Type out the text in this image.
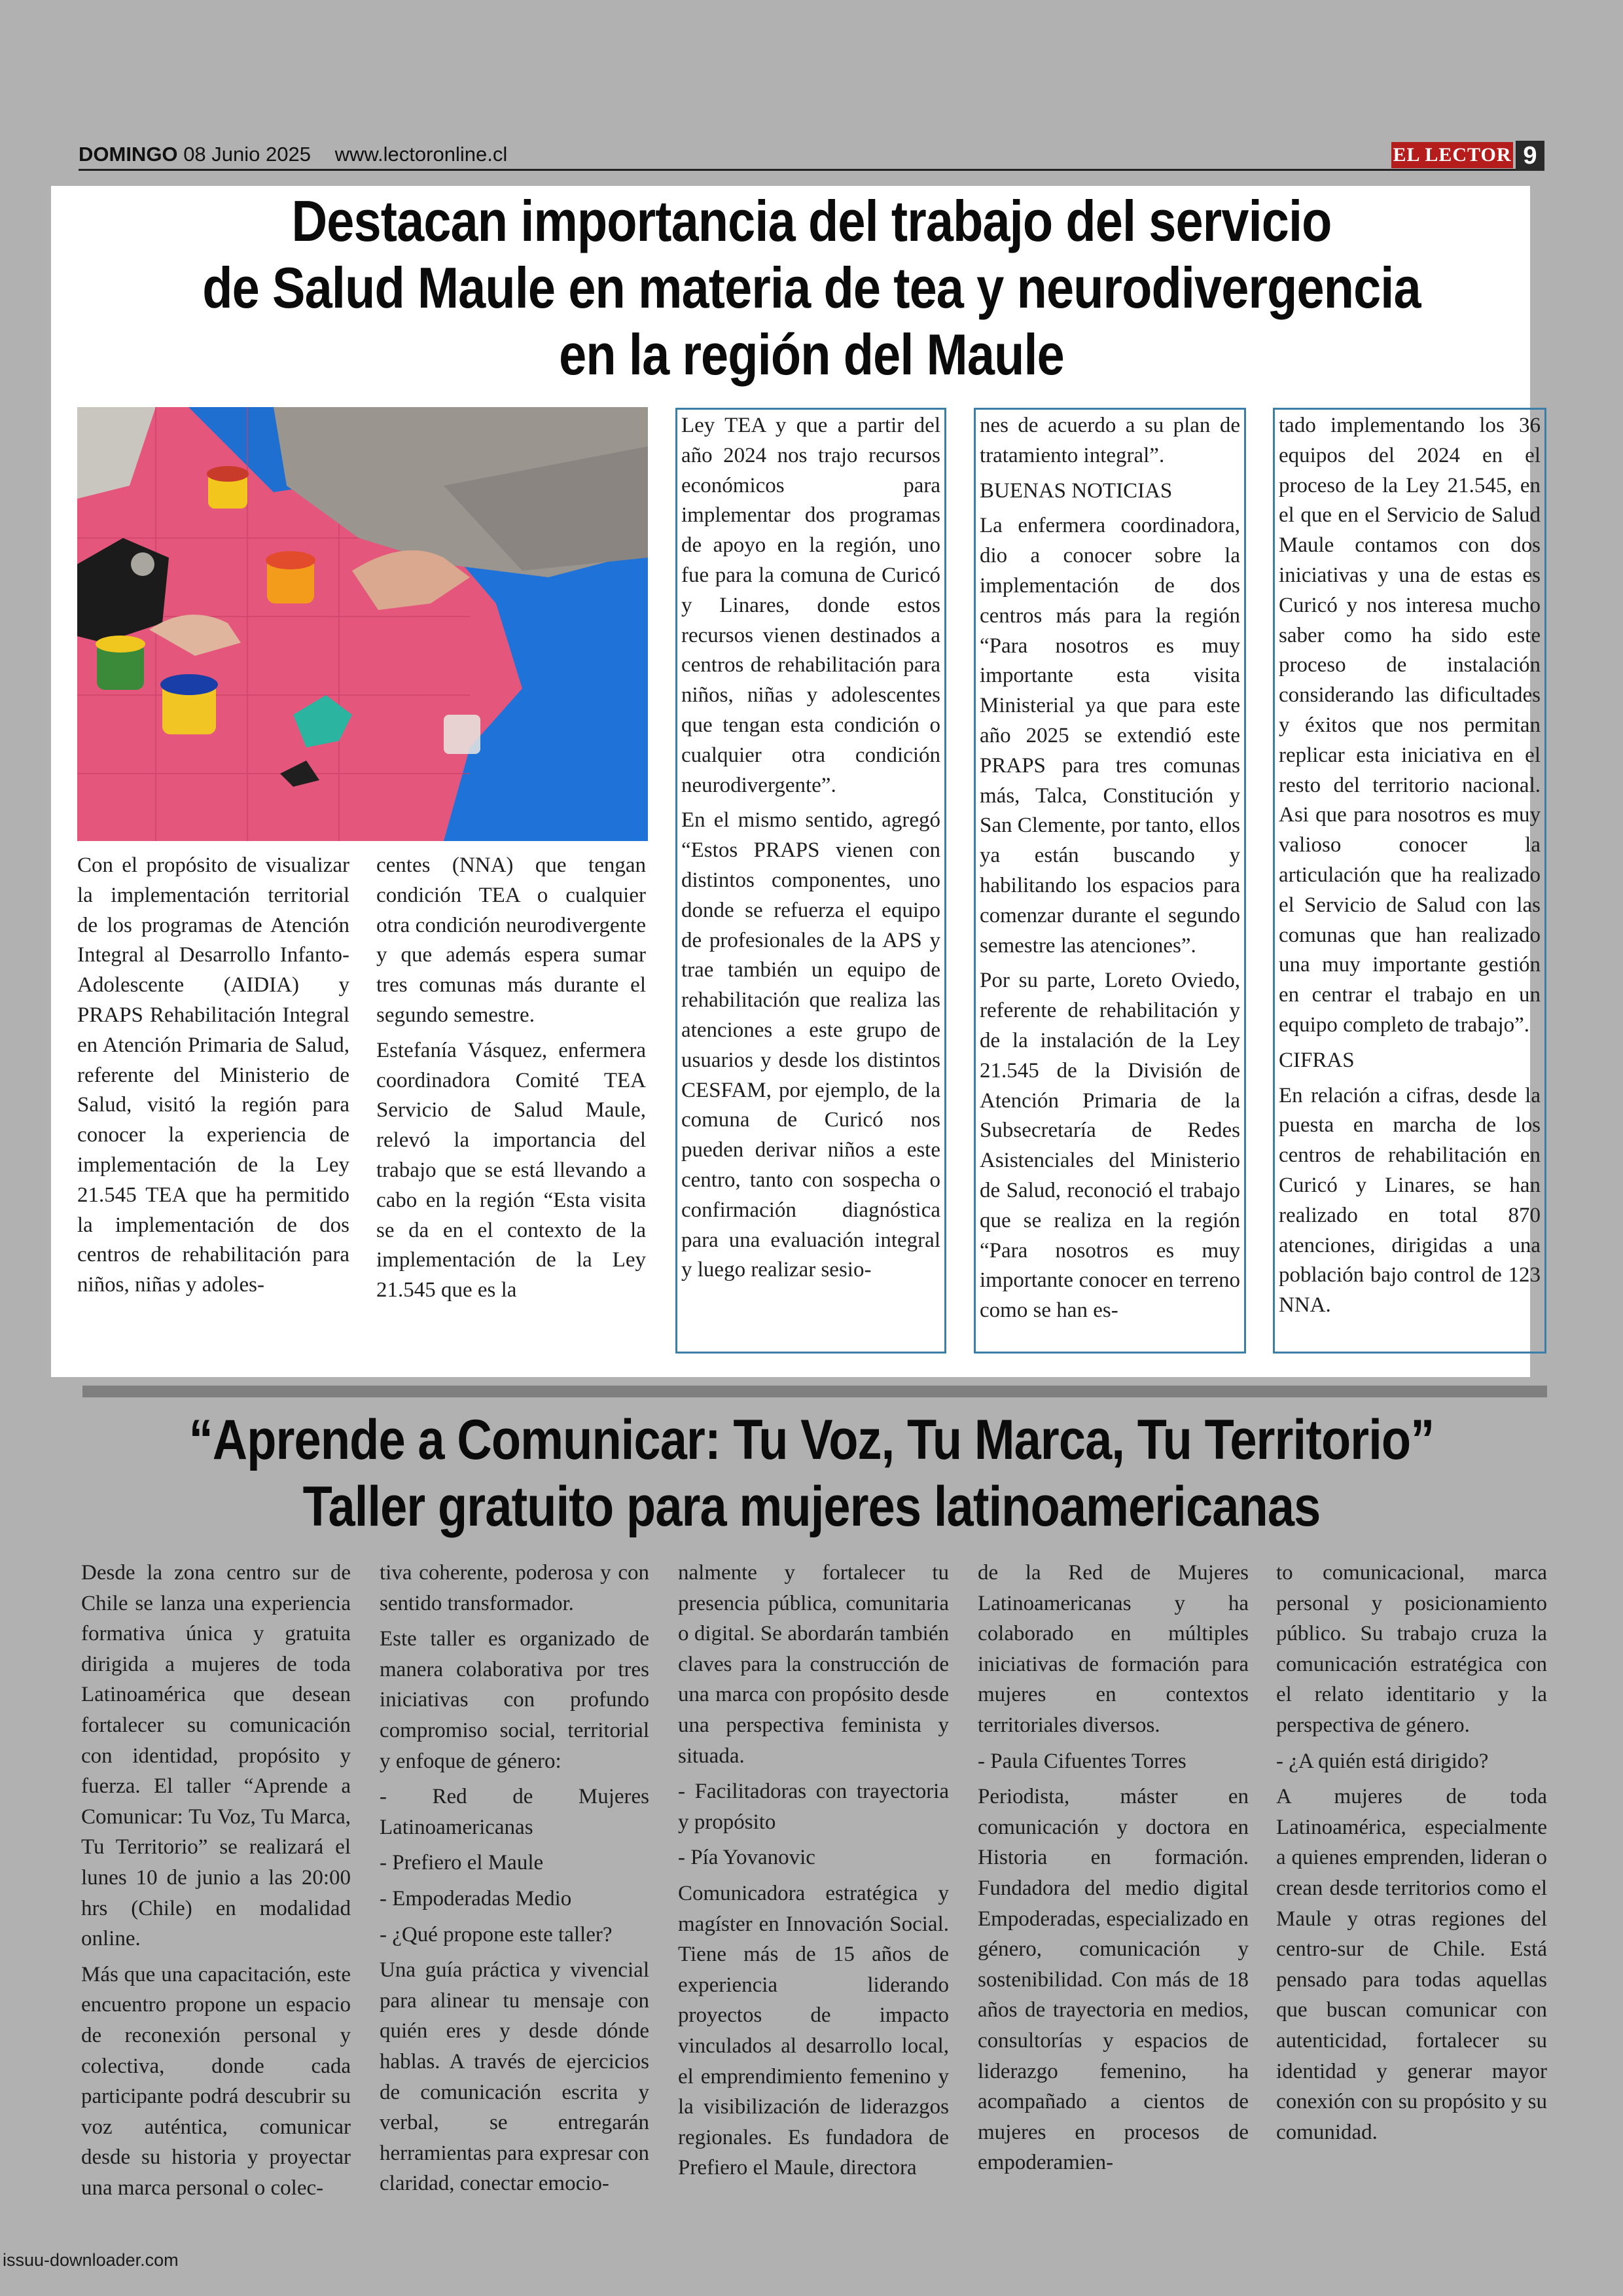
DOMINGO 08 Junio 2025 www.lectoronline.cl	EL LECTOR 9
Destacan importancia del trabajo del servicio
de Salud Maule en materia de tea y neurodivergencia
en la región del Maule

Con el propósito de visualizar la implementación territorial de los programas de Atención Integral al Desarrollo Infanto-Adolescente (AIDIA) y PRAPS Rehabilitación Integral en Atención Primaria de Salud, referente del Ministerio de Salud, visitó la región para conocer la experiencia de implementación de la Ley 21.545 TEA que ha permitido la implementación de dos centros de rehabilitación para niños, niñas y adoles-

centes (NNA) que tengan condición TEA o cualquier otra condición neurodivergente y que además espera sumar tres comunas más durante el segundo semestre.

Estefanía Vásquez, enfermera coordinadora Comité TEA Servicio de Salud Maule, relevó la importancia del trabajo que se está llevando a cabo en la región “Esta visita se da en el contexto de la implementación de la Ley 21.545 que es la

Ley TEA y que a partir del año 2024 nos trajo recursos económicos para implementar dos programas de apoyo en la región, uno fue para la comuna de Curicó y Linares, donde estos recursos vienen destinados a centros de rehabilitación para niños, niñas y adolescentes que tengan esta condición o cualquier otra condición neurodivergente”.

En el mismo sentido, agregó “Estos PRAPS vienen con distintos componentes, uno donde se refuerza el equipo de profesionales de la APS y trae también un equipo de rehabilitación que realiza las atenciones a este grupo de usuarios y desde los distintos CESFAM, por ejemplo, de la comuna de Curicó nos pueden derivar niños a este centro, tanto con sospecha o confirmación diagnóstica para una evaluación integral y luego realizar sesio-

nes de acuerdo a su plan de tratamiento integral”.

BUENAS NOTICIAS

La enfermera coordinadora, dio a conocer sobre la implementación de dos centros más para la región “Para nosotros es muy importante esta visita Ministerial ya que para este año 2025 se extendió este PRAPS para tres comunas más, Talca, Constitución y San Clemente, por tanto, ellos ya están buscando y habilitando los espacios para comenzar durante el segundo semestre las atenciones”.

Por su parte, Loreto Oviedo, referente de rehabilitación y de la instalación de la Ley 21.545 de la División de Atención Primaria de la Subsecretaría de Redes Asistenciales del Ministerio de Salud, reconoció el trabajo que se realiza en la región “Para nosotros es muy importante conocer en terreno como se han es-

tado implementando los 36 equipos del 2024 en el proceso de la Ley 21.545, en el que en el Servicio de Salud Maule contamos con dos iniciativas y una de estas es Curicó y nos interesa mucho saber como ha sido este proceso de instalación considerando las dificultades y éxitos que nos permitan replicar esta iniciativa en el resto del territorio nacional. Asi que para nosotros es muy valioso conocer la articulación que ha realizado el Servicio de Salud con las comunas que han realizado una muy importante gestión en centrar el trabajo en un equipo completo de trabajo”.

CIFRAS

En relación a cifras, desde la puesta en marcha de los centros de rehabilitación en Curicó y Linares, se han realizado en total 870 atenciones, dirigidas a una población bajo control de 123 NNA.

“Aprende a Comunicar: Tu Voz, Tu Marca, Tu Territorio”
Taller gratuito para mujeres latinoamericanas

Desde la zona centro sur de Chile se lanza una experiencia formativa única y gratuita dirigida a mujeres de toda Latinoamérica que desean fortalecer su comunicación con identidad, propósito y fuerza. El taller “Aprende a Comunicar: Tu Voz, Tu Marca, Tu Territorio” se realizará el lunes 10 de junio a las 20:00 hrs (Chile) en modalidad online.

Más que una capacitación, este encuentro propone un espacio de reconexión personal y colectiva, donde cada participante podrá descubrir su voz auténtica, comunicar desde su historia y proyectar una marca personal o colec-

tiva coherente, poderosa y con sentido transformador.

Este taller es organizado de manera colaborativa por tres iniciativas con profundo compromiso social, territorial y enfoque de género:

- Red de Mujeres Latinoamericanas

- Prefiero el Maule

- Empoderadas Medio

- ¿Qué propone este taller?

Una guía práctica y vivencial para alinear tu mensaje con quién eres y desde dónde hablas. A través de ejercicios de comunicación escrita y verbal, se entregarán herramientas para expresar con claridad, conectar emocio-

nalmente y fortalecer tu presencia pública, comunitaria o digital. Se abordarán también claves para la construcción de una marca con propósito desde una perspectiva feminista y situada.

- Facilitadoras con trayectoria y propósito

- Pía Yovanovic

Comunicadora estratégica y magíster en Innovación Social. Tiene más de 15 años de experiencia liderando proyectos de impacto vinculados al desarrollo local, el emprendimiento femenino y la visibilización de liderazgos regionales. Es fundadora de Prefiero el Maule, directora

de la Red de Mujeres Latinoamericanas y ha colaborado en múltiples iniciativas de formación para mujeres en contextos territoriales diversos.

- Paula Cifuentes Torres

Periodista, máster en comunicación y doctora en Historia en formación. Fundadora del medio digital Empoderadas, especializado en género, comunicación y sostenibilidad. Con más de 18 años de trayectoria en medios, consultorías y espacios de liderazgo femenino, ha acompañado a cientos de mujeres en procesos de empoderamien-

to comunicacional, marca personal y posicionamiento público. Su trabajo cruza la comunicación estratégica con el relato identitario y la perspectiva de género.

- ¿A quién está dirigido?

A mujeres de toda Latinoamérica, especialmente a quienes emprenden, lideran o crean desde territorios como el Maule y otras regiones del centro-sur de Chile. Está pensado para todas aquellas que buscan comunicar con autenticidad, fortalecer su identidad y generar mayor conexión con su propósito y su comunidad.

issuu-downloader.com
